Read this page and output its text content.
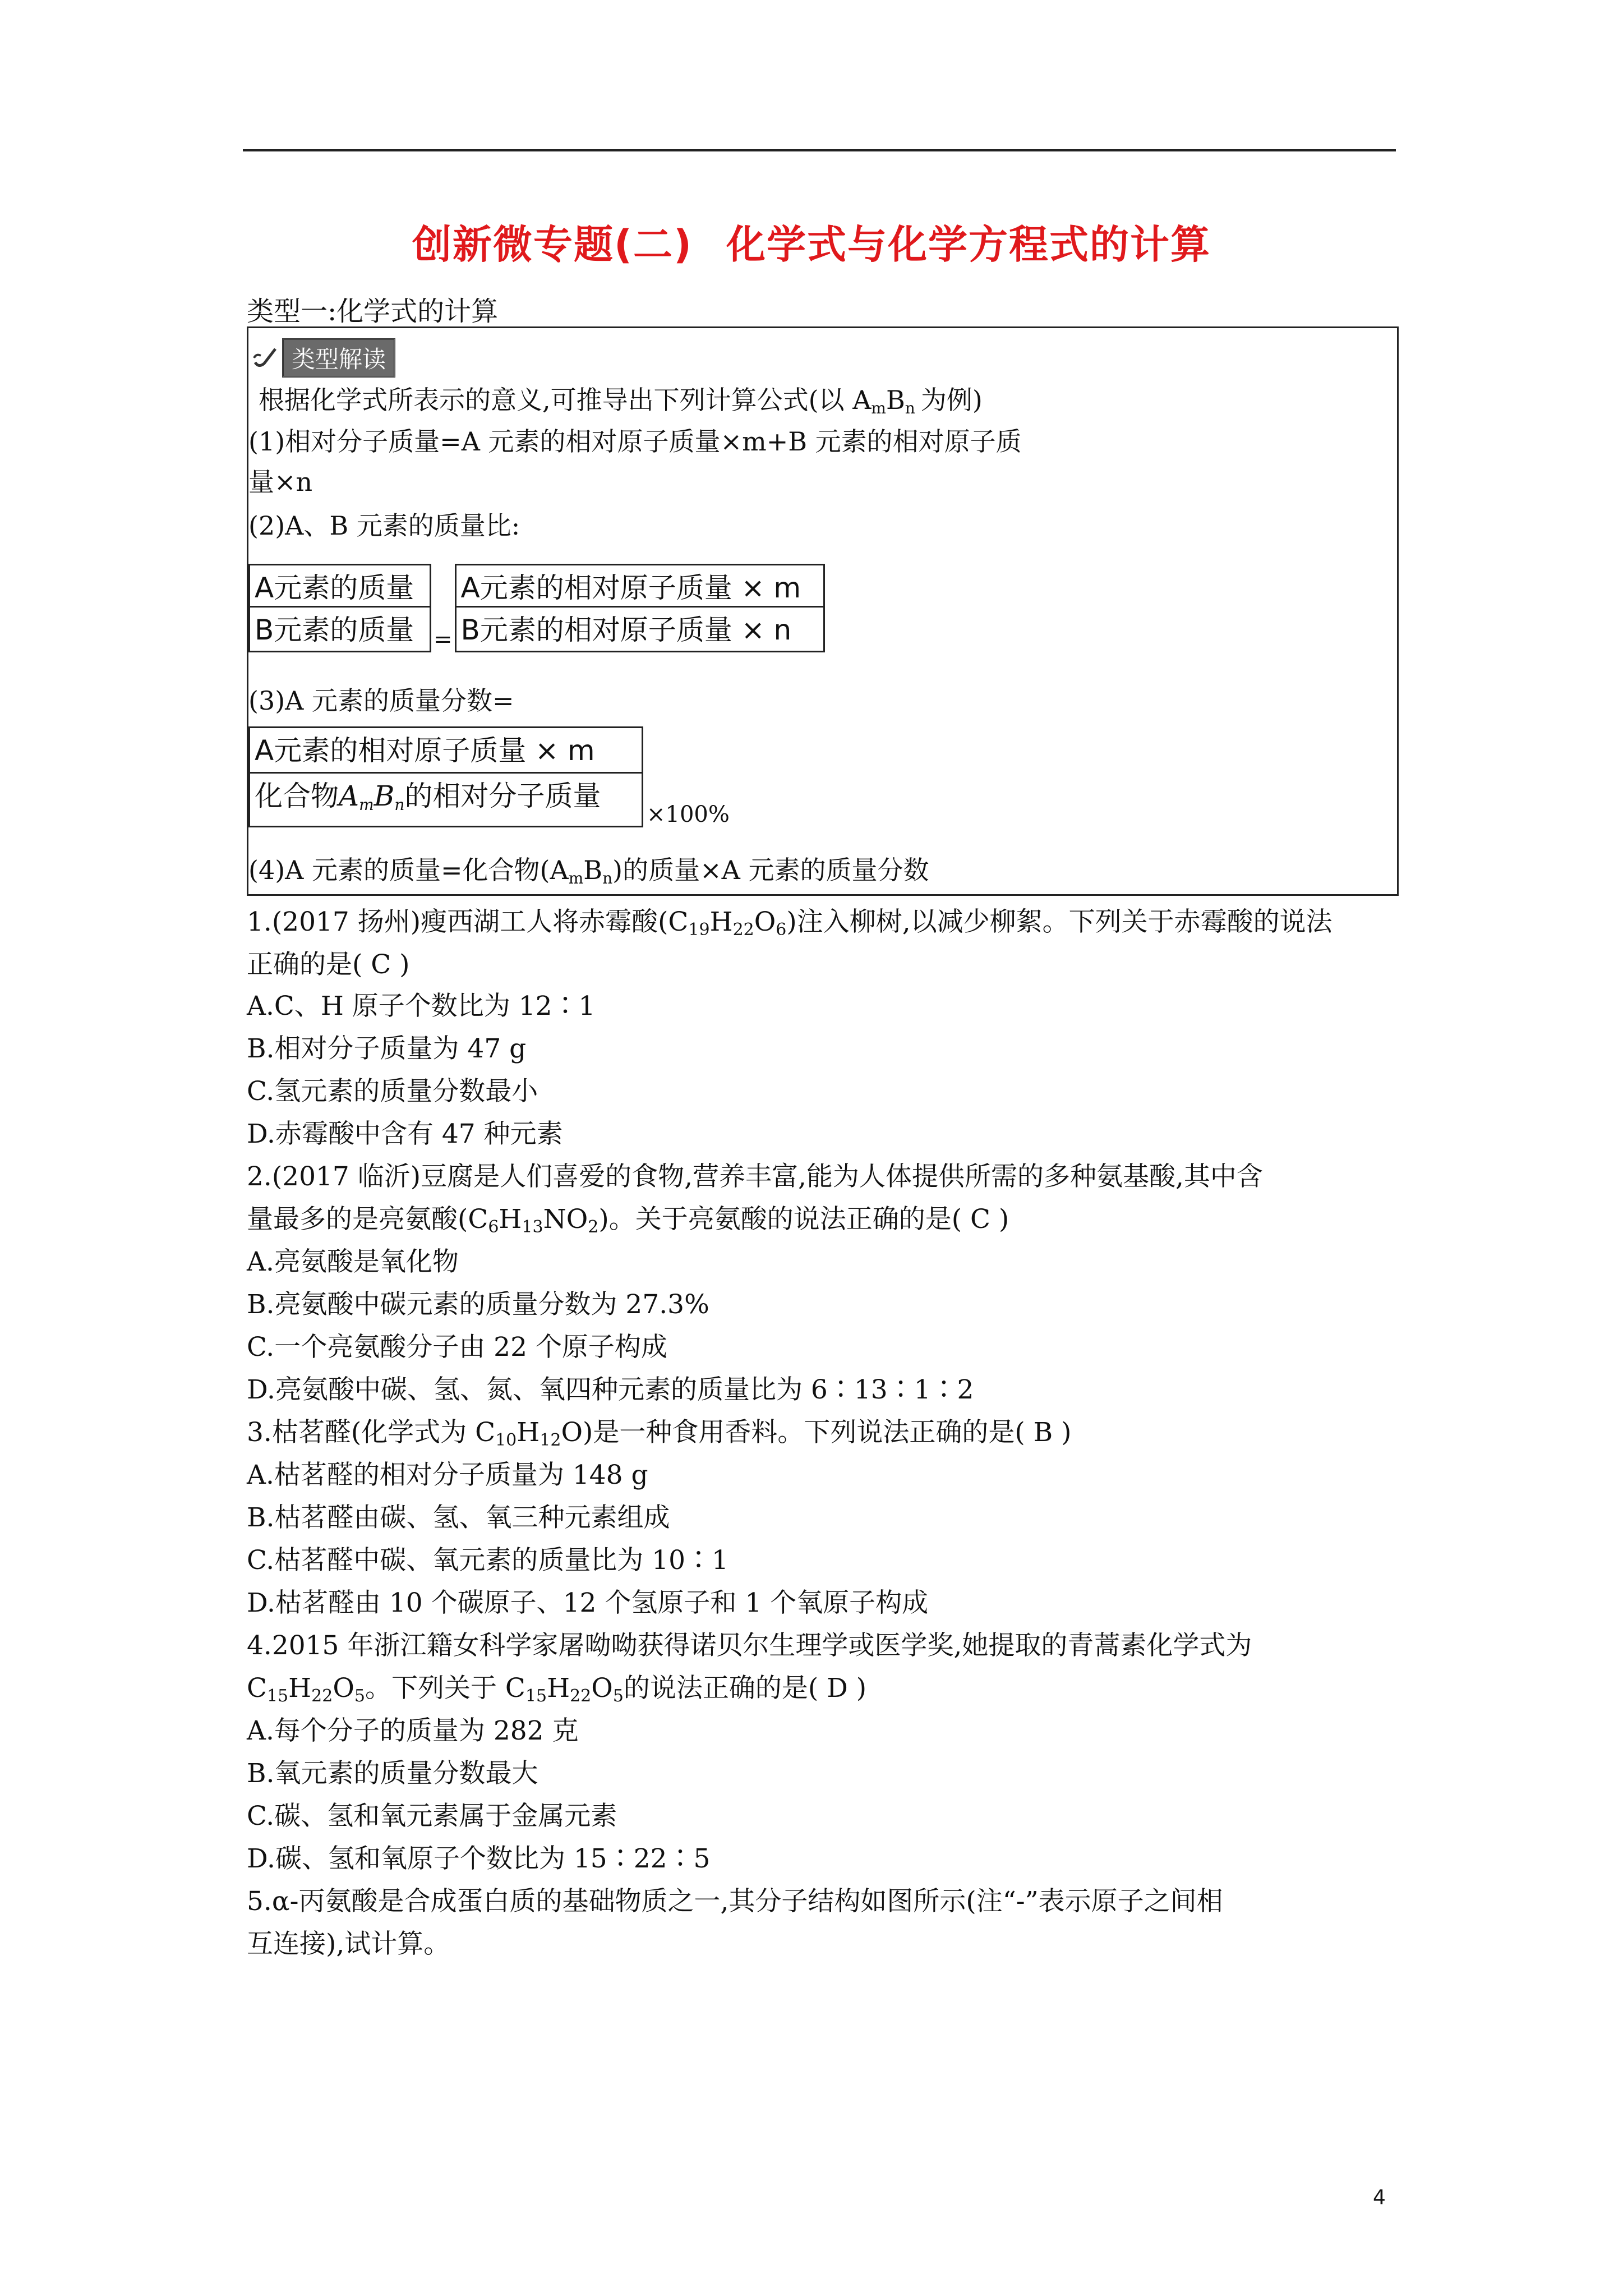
创新微专题(二) 化学式与化学方程式的计算
类型一:化学式的计算
类型解读
根据化学式所表示的意义,可推导出下列计算公式(以 AmBn 为例)
(1)相对分子质量=A 元素的相对原子质量×m+B 元素的相对原子质
量×n
(2)A、B 元素的质量比:
A元素的质量
B元素的质量 =
A元素的相对原子质量 × m
B元素的相对原子质量 × n
(3)A 元素的质量分数=
A元素的相对原子质量 × m
化合物AmBn的相对分子质量
×100%
(4)A 元素的质量=化合物(AmBn)的质量×A 元素的质量分数
1.(2017 扬州)瘦西湖工人将赤霉酸$(C_{19}H_{22}O_6)$注入柳树,以减少柳絮。下列关于赤霉酸的说法
正确的是( C )
A.C、H 原子个数比为 12∶1
B.相对分子质量为 47 g
C.氢元素的质量分数最小
D.赤霉酸中含有 47 种元素
2.(2017 临沂)豆腐是人们喜爱的食物,营养丰富,能为人体提供所需的多种氨基酸,其中含
量最多的是亮氨酸$(C_6H_{13}NO_2)$。关于亮氨酸的说法正确的是( C )
A.亮氨酸是氧化物
B.亮氨酸中碳元素的质量分数为 27.3%
C.一个亮氨酸分子由 22 个原子构成
D.亮氨酸中碳、氢、氮、氧四种元素的质量比为 6∶13∶1∶2
3.枯茗醛(化学式为 $C_{10}H_{12}O$)是一种食用香料。下列说法正确的是( B )
A.枯茗醛的相对分子质量为 148 g
B.枯茗醛由碳、氢、氧三种元素组成
C.枯茗醛中碳、氧元素的质量比为 10∶1
D.枯茗醛由 10 个碳原子、12 个氢原子和 1 个氧原子构成
4.2015 年浙江籍女科学家屠呦呦获得诺贝尔生理学或医学奖,她提取的青蒿素化学式为
$C_{15}H_{22}O_5$。下列关于 $C_{15}H_{22}O_5$的说法正确的是( D )
A.每个分子的质量为 282 克
B.氧元素的质量分数最大
C.碳、氢和氧元素属于金属元素
D.碳、氢和氧原子个数比为 15∶22∶5
5.α-丙氨酸是合成蛋白质的基础物质之一,其分子结构如图所示(注“-”表示原子之间相
互连接),试计算。
4
